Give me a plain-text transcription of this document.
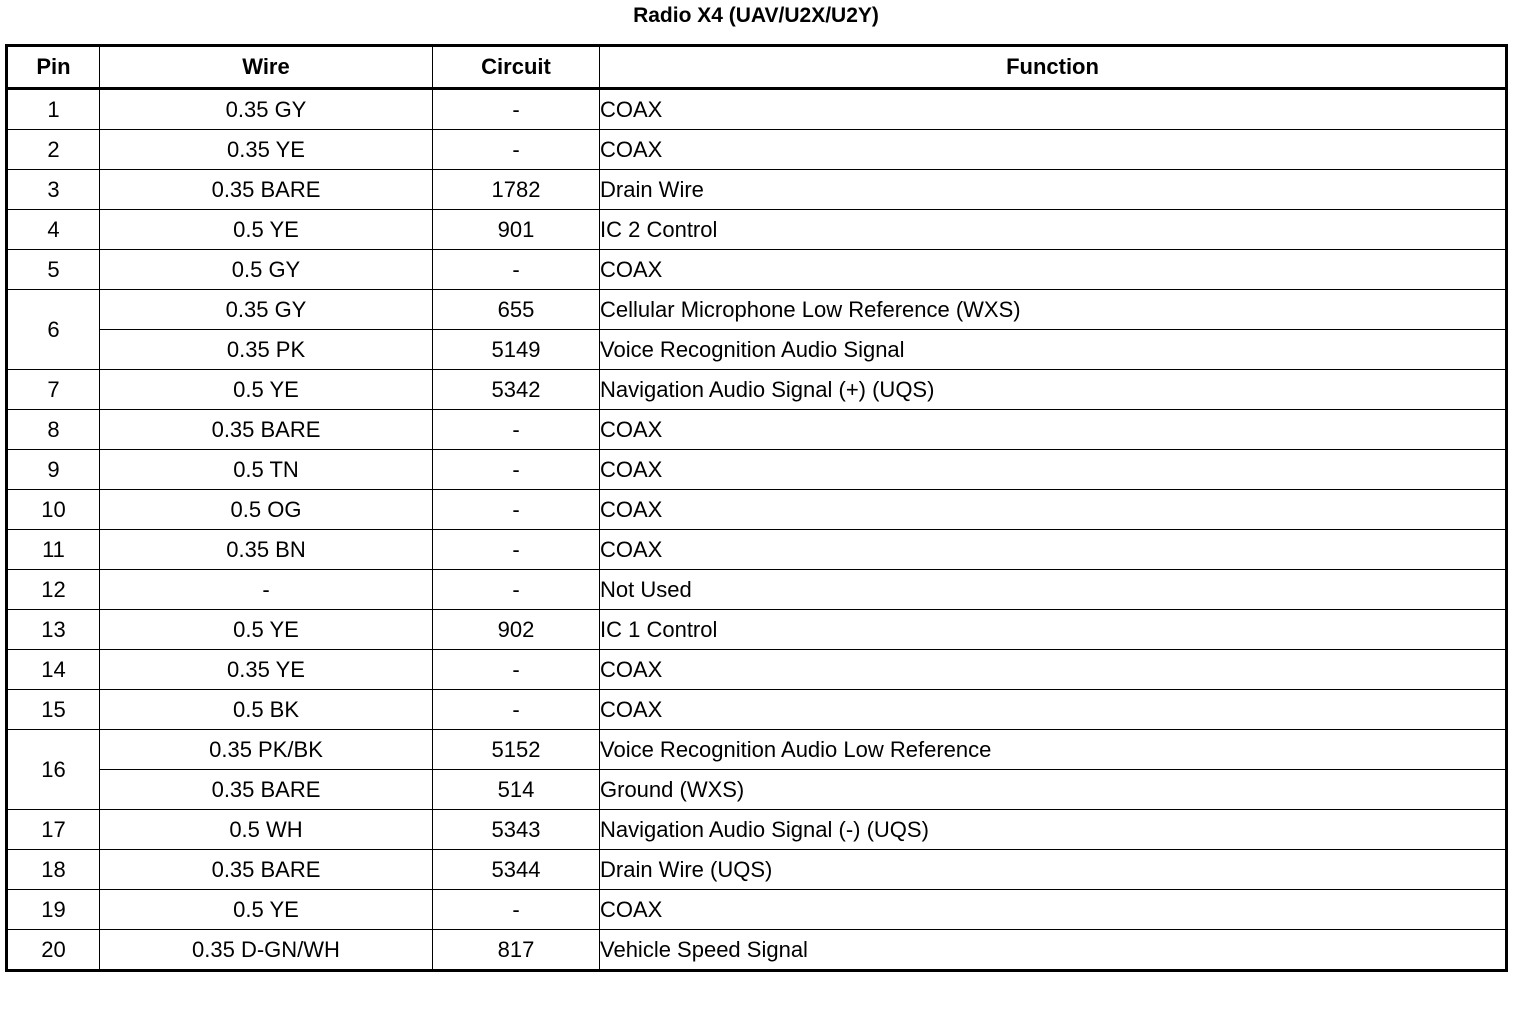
Radio X4 (UAV/U2X/U2Y)
Pin	Wire	Circuit	Function
1	0.35 GY	-	COAX
2	0.35 YE	-	COAX
3	0.35 BARE	1782	Drain Wire
4	0.5 YE	901	IC 2 Control
5	0.5 GY	-	COAX
6	0.35 GY	655	Cellular Microphone Low Reference (WXS)
	0.35 PK	5149	Voice Recognition Audio Signal
7	0.5 YE	5342	Navigation Audio Signal (+) (UQS)
8	0.35 BARE	-	COAX
9	0.5 TN	-	COAX
10	0.5 OG	-	COAX
11	0.35 BN	-	COAX
12	-	-	Not Used
13	0.5 YE	902	IC 1 Control
14	0.35 YE	-	COAX
15	0.5 BK	-	COAX
16	0.35 PK/BK	5152	Voice Recognition Audio Low Reference
	0.35 BARE	514	Ground (WXS)
17	0.5 WH	5343	Navigation Audio Signal (-) (UQS)
18	0.35 BARE	5344	Drain Wire (UQS)
19	0.5 YE	-	COAX
20	0.35 D-GN/WH	817	Vehicle Speed Signal
